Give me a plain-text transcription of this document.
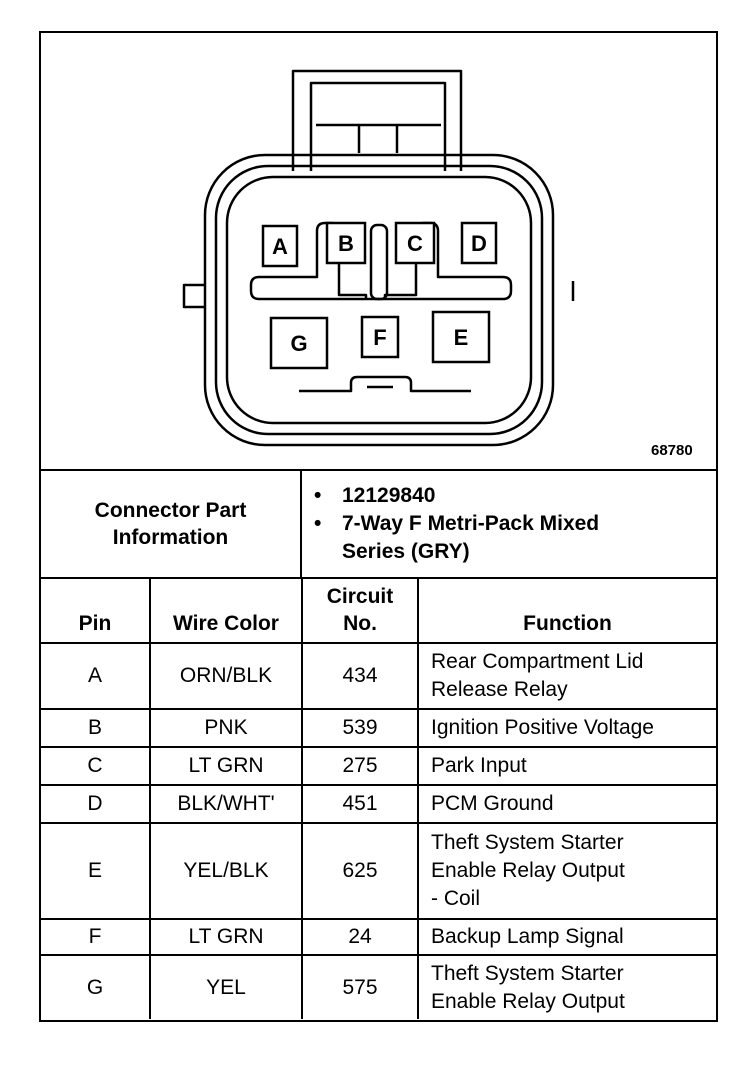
A B C D
G	F	E
68780
Connector Part
Information
• 12129840
• 7-Way F Metri-Pack Mixed
Series (GRY)
Pin	Wire Color	Circuit
No.	Function
A	ORN/BLK	434	Rear Compartment Lid
Release Relay

B	PNK	539	Ignition Positive Voltage

C	LT GRN	275	Park Input

D	BLK/WHT'	451	PCM Ground

E	YEL/BLK	625	Theft System Starter
Enable Relay Output
- Coil

F	LT GRN	24	Backup Lamp Signal

G	YEL	575	Theft System Starter
Enable Relay Output
